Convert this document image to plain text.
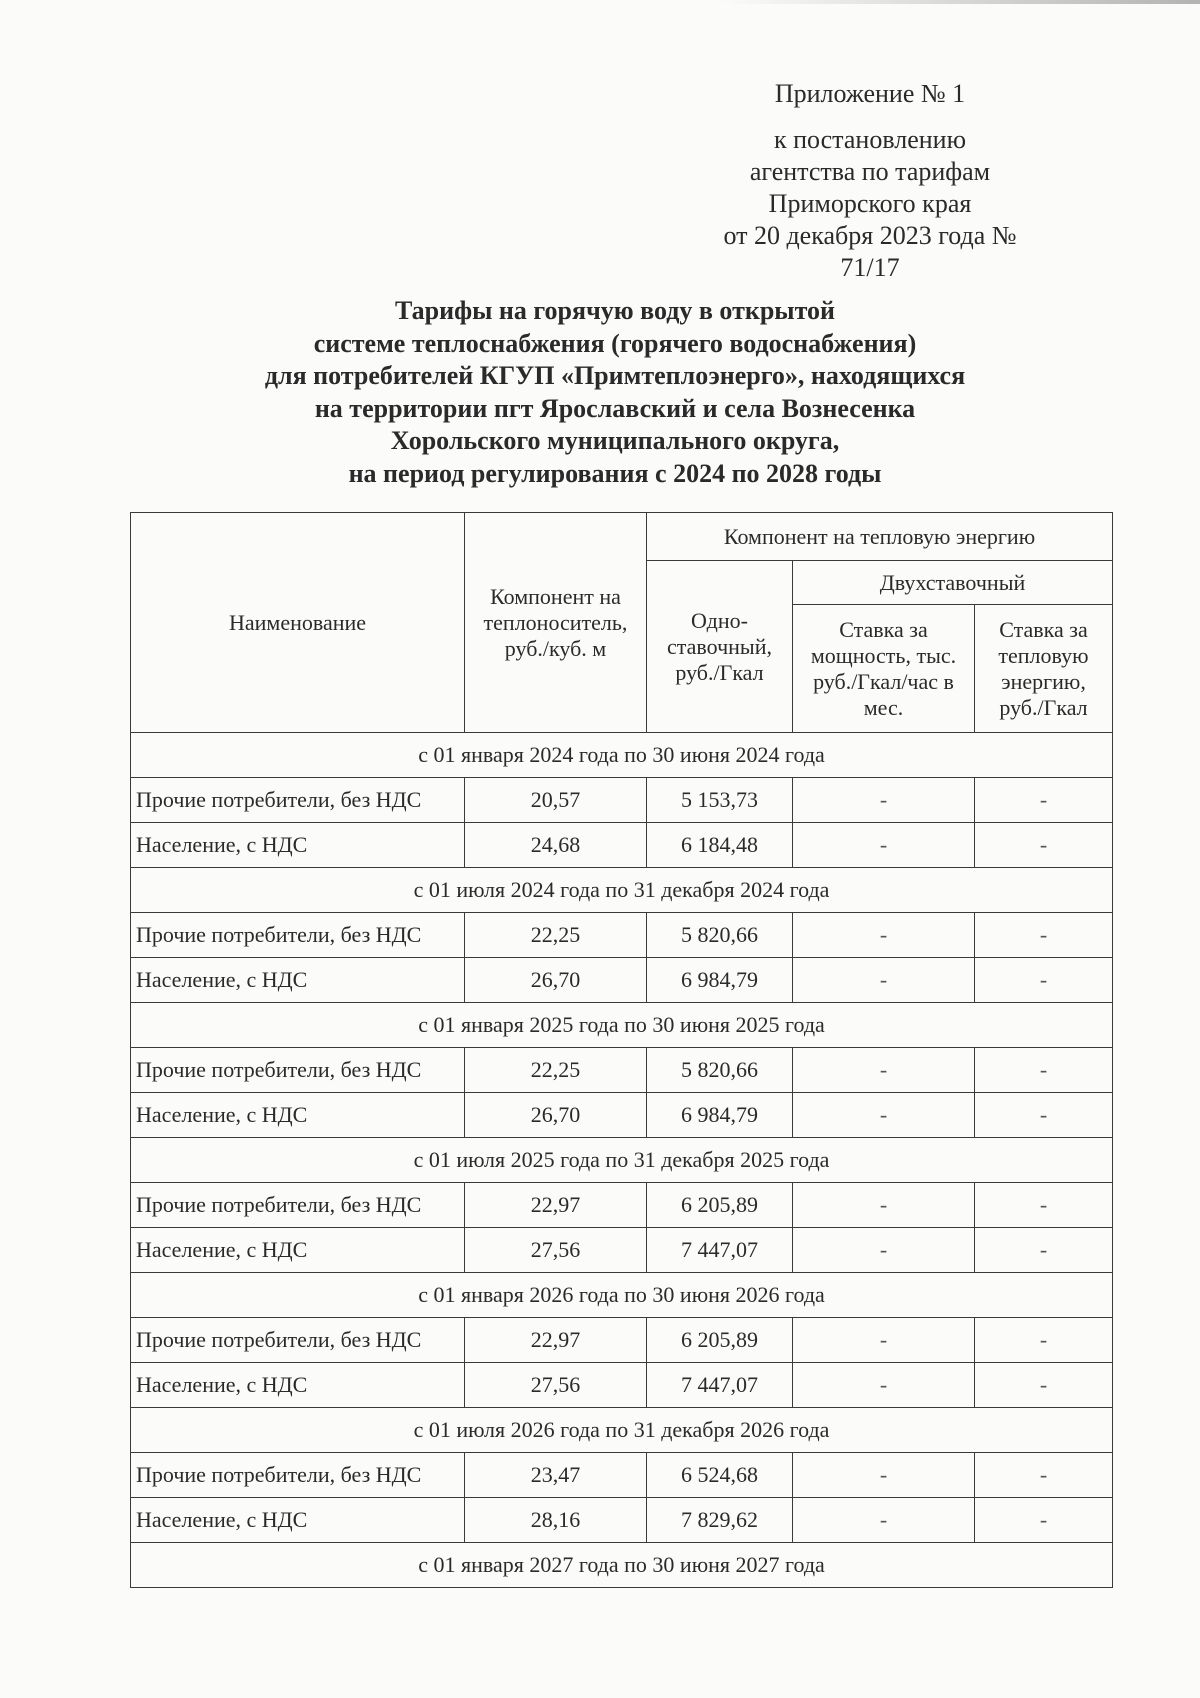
Приложение № 1
к постановлению
агентства по тарифам
Приморского края
от 20 декабря 2023 года № 71/17
Тарифы на горячую воду в открытой
системе теплоснабжения (горячего водоснабжения)
для потребителей КГУП «Примтеплоэнерго», находящихся
на территории пгт Ярославский и села Вознесенка
Хорольского муниципального округа,
на период регулирования с 2024 по 2028 годы
Наименование	Компонент на теплоноситель, руб./куб. м	Компонент на тепловую энергию		
		Одно-ставочный, руб./Гкал	Двухставочный	
			Ставка за мощность, тыс. руб./Гкал/час в мес.	Ставка за тепловую энергию, руб./Гкал
с 01 января 2024 года по 30 июня 2024 года				
Прочие потребители, без НДС	20,57	5 153,73	-	-
Население, с НДС	24,68	6 184,48	-	-
с 01 июля 2024 года по 31 декабря 2024 года				
Прочие потребители, без НДС	22,25	5 820,66	-	-
Население, с НДС	26,70	6 984,79	-	-
с 01 января 2025 года по 30 июня 2025 года				
Прочие потребители, без НДС	22,25	5 820,66	-	-
Население, с НДС	26,70	6 984,79	-	-
с 01 июля 2025 года по 31 декабря 2025 года				
Прочие потребители, без НДС	22,97	6 205,89	-	-
Население, с НДС	27,56	7 447,07	-	-
с 01 января 2026 года по 30 июня 2026 года				
Прочие потребители, без НДС	22,97	6 205,89	-	-
Население, с НДС	27,56	7 447,07	-	-
с 01 июля 2026 года по 31 декабря 2026 года				
Прочие потребители, без НДС	23,47	6 524,68	-	-
Население, с НДС	28,16	7 829,62	-	-
с 01 января 2027 года по 30 июня 2027 года				
